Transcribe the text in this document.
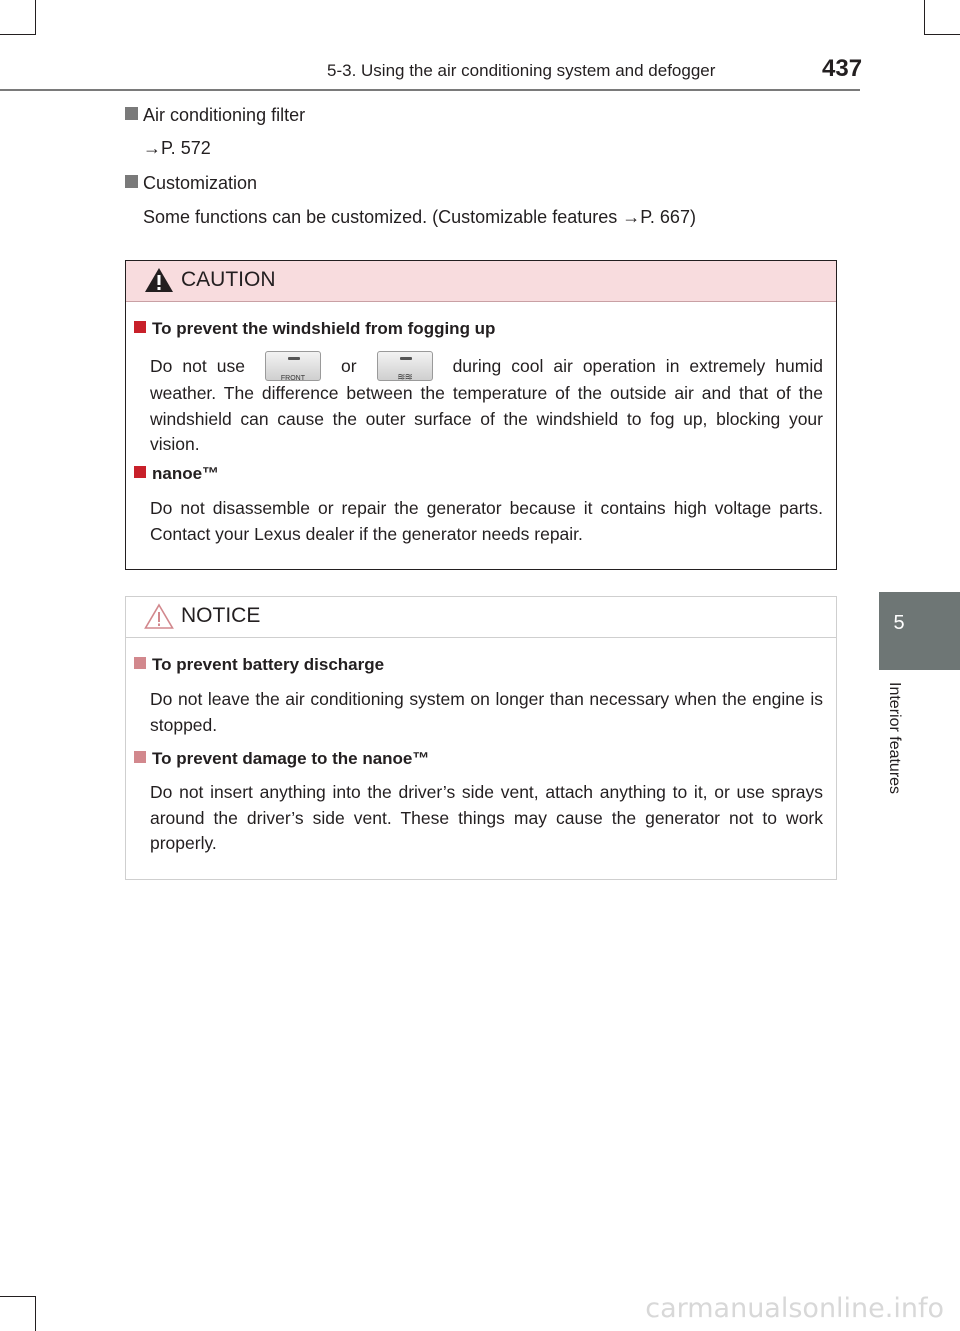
5-3. Using the air conditioning system and defogger	437
5
Interior features
Air conditioning filter
→P. 572
Customization
Some functions can be customized. (Customizable features →P. 667)
CAUTION
To prevent the windshield from fogging up
Do not use
FRONT
or
≋≋
during cool air operation in extremely humid weather. The difference between the temperature of the outside air and that of the windshield can cause the outer surface of the windshield to fog up, blocking your vision.
nanoe™
Do not disassemble or repair the generator because it contains high voltage parts. Contact your Lexus dealer if the generator needs repair.
NOTICE
To prevent battery discharge
Do not leave the air conditioning system on longer than necessary when the engine is stopped.
To prevent damage to the nanoe™
Do not insert anything into the driver’s side vent, attach anything to it, or use sprays around the driver’s side vent. These things may cause the generator not to work properly.
carmanualsonline.info
